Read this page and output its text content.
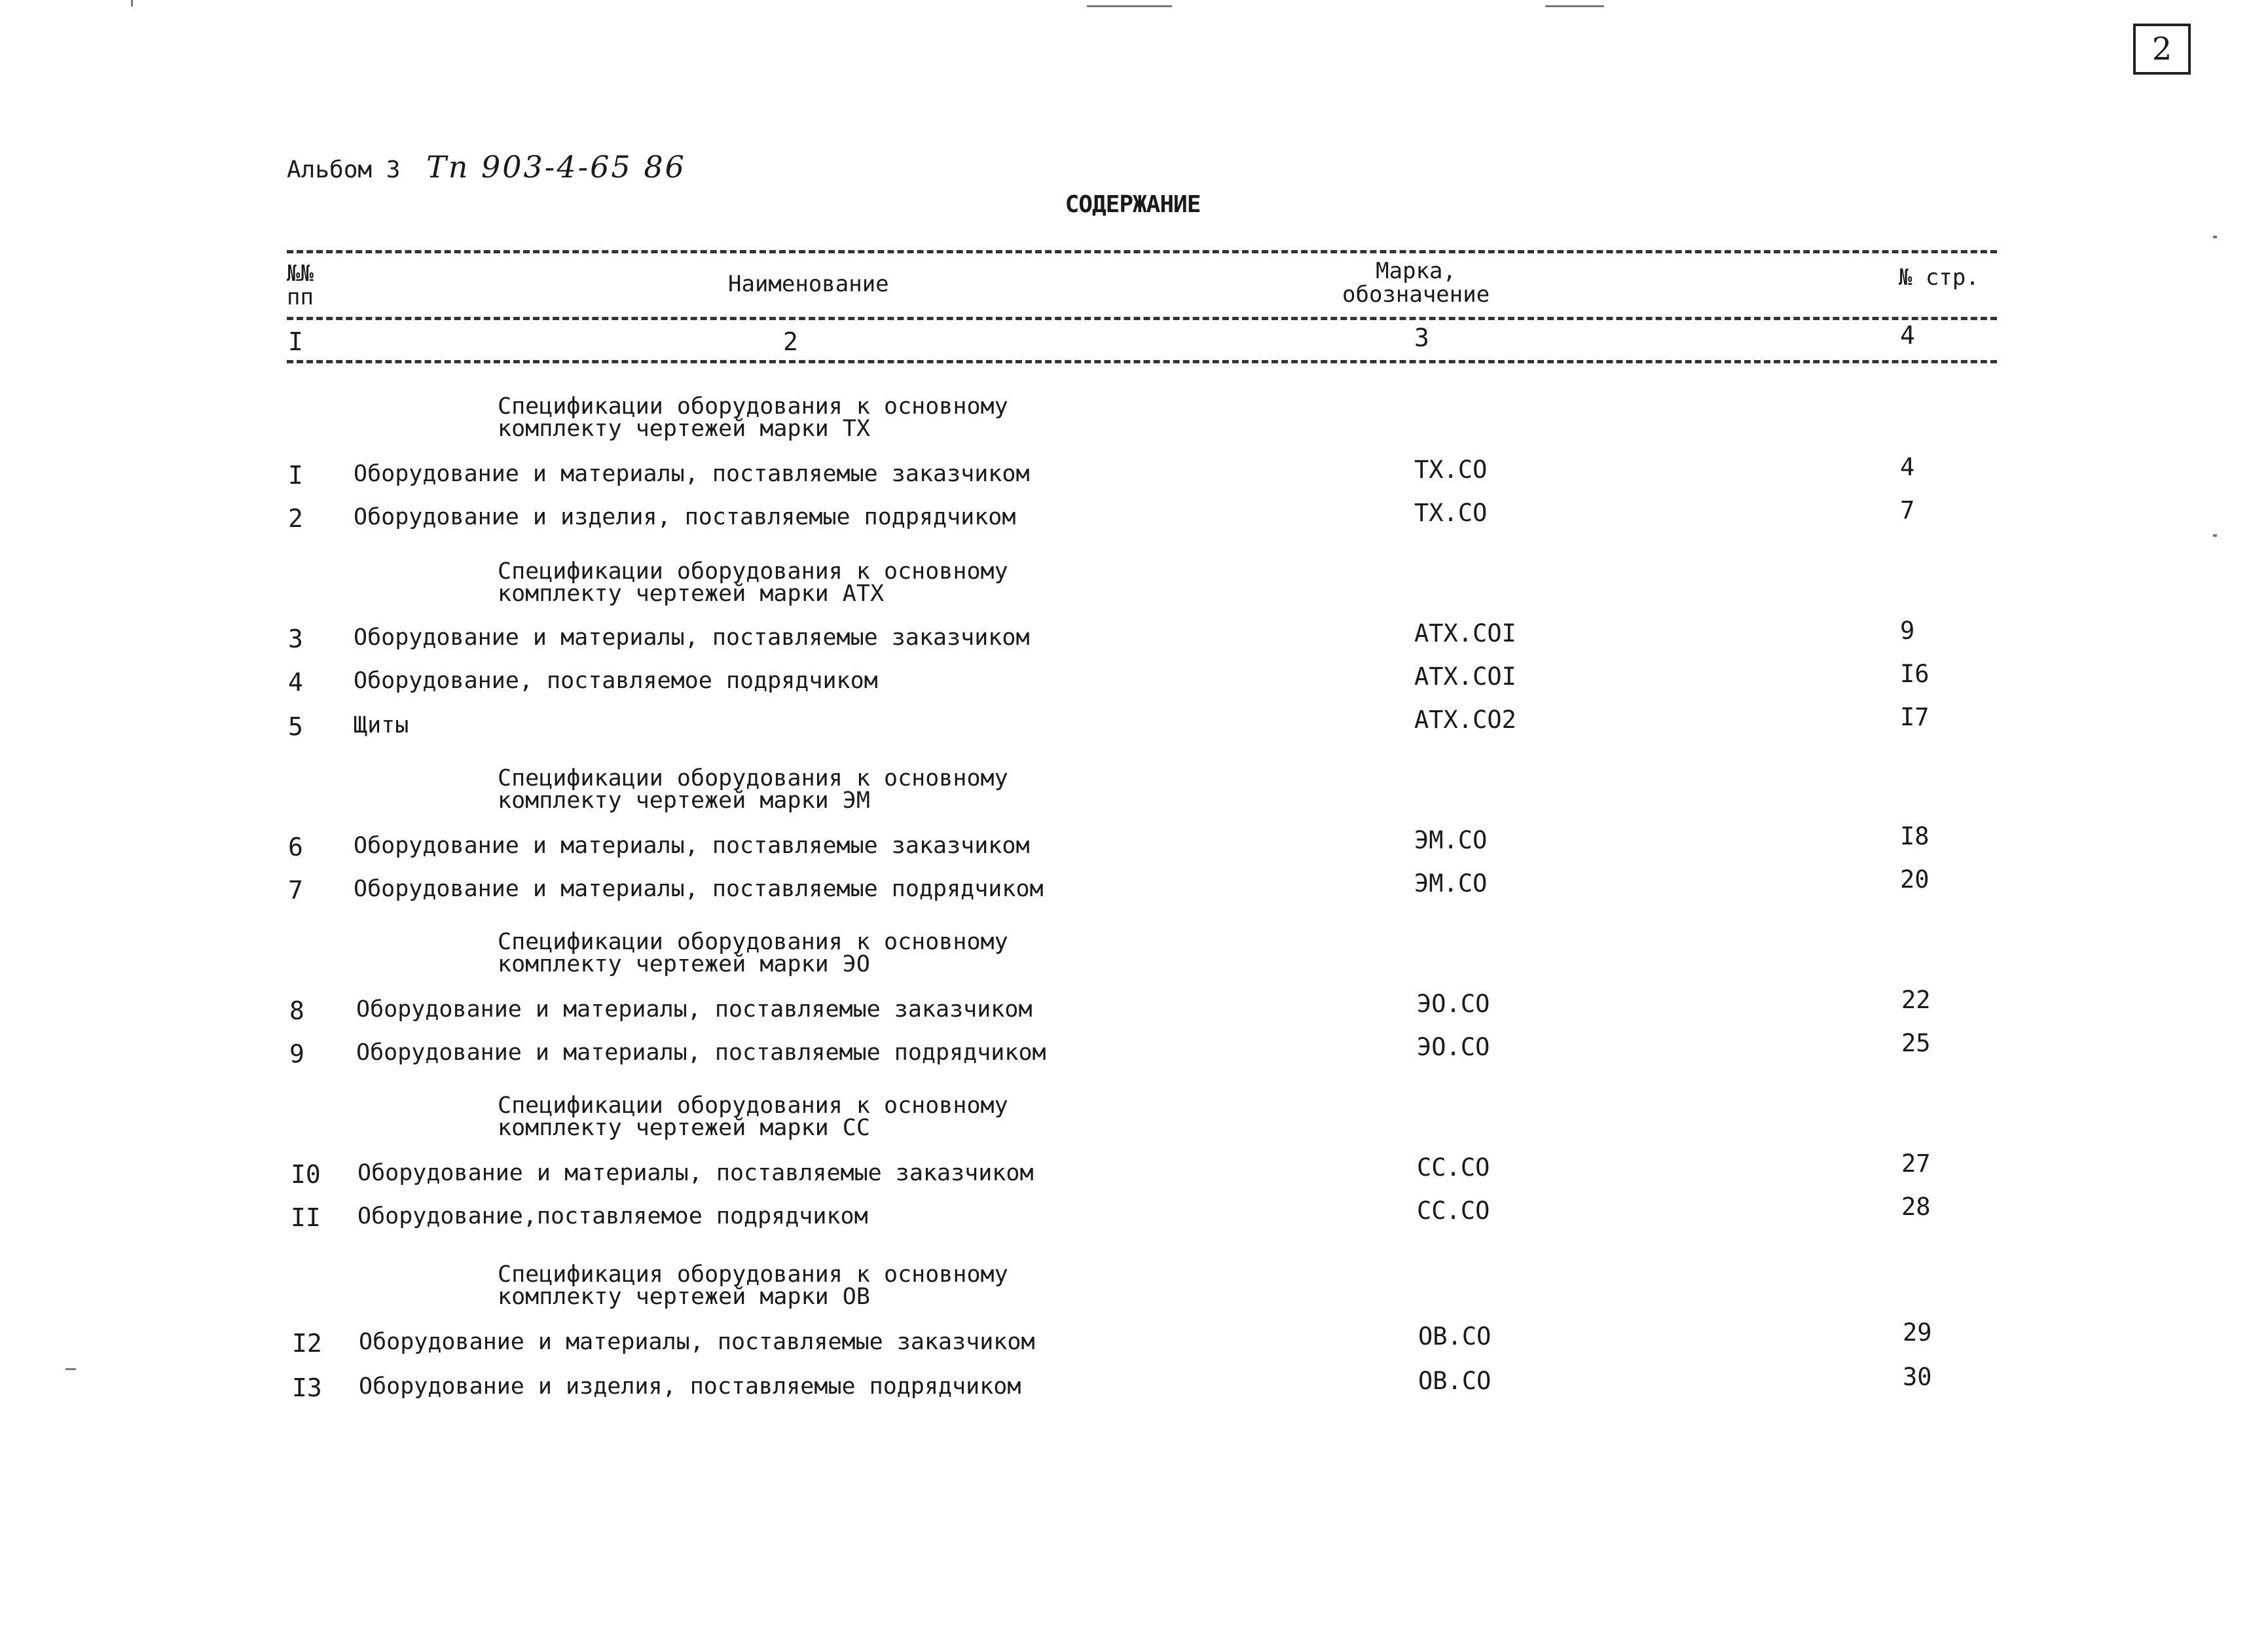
2
Альбом 3 Тп 903-4-65 86
СОДЕРЖАНИЕ
№№
пп	Наименование	Марка,
обозначение
№ стр.
I	2	3	4
Спецификации оборудования к основному
комплекту чертежей марки ТХ
I Оборудование и материалы, поставляемые заказчиком	ТХ.СО	4
2 Оборудование и изделия, поставляемые подрядчиком	ТХ.СО	7
Спецификации оборудования к основному
комплекту чертежей марки АТХ
3 Оборудование и материалы, поставляемые заказчиком	АТХ.СОI	9
4 Оборудование, поставляемое подрядчиком	АТХ.СОI	I6
5 Щиты	АТХ.СО2	I7
Спецификации оборудования к основному
комплекту чертежей марки ЭМ
6 Оборудование и материалы, поставляемые заказчиком	ЭМ.СО	I8
7 Оборудование и материалы, поставляемые подрядчиком	ЭМ.СО	20
Спецификации оборудования к основному
комплекту чертежей марки ЭО
8 Оборудование и материалы, поставляемые заказчиком	ЭО.СО	22
9 Оборудование и материалы, поставляемые подрядчиком	ЭО.СО	25
Спецификации оборудования к основному
комплекту чертежей марки СС
I0 Оборудование и материалы, поставляемые заказчиком	СС.СО	27
II Оборудование,поставляемое подрядчиком	СС.СО	28
Спецификация оборудования к основному
комплекту чертежей марки ОВ
I2 Оборудование и материалы, поставляемые заказчиком	ОВ.СО	29
I3 Оборудование и изделия, поставляемые подрядчиком	ОВ.СО	30
